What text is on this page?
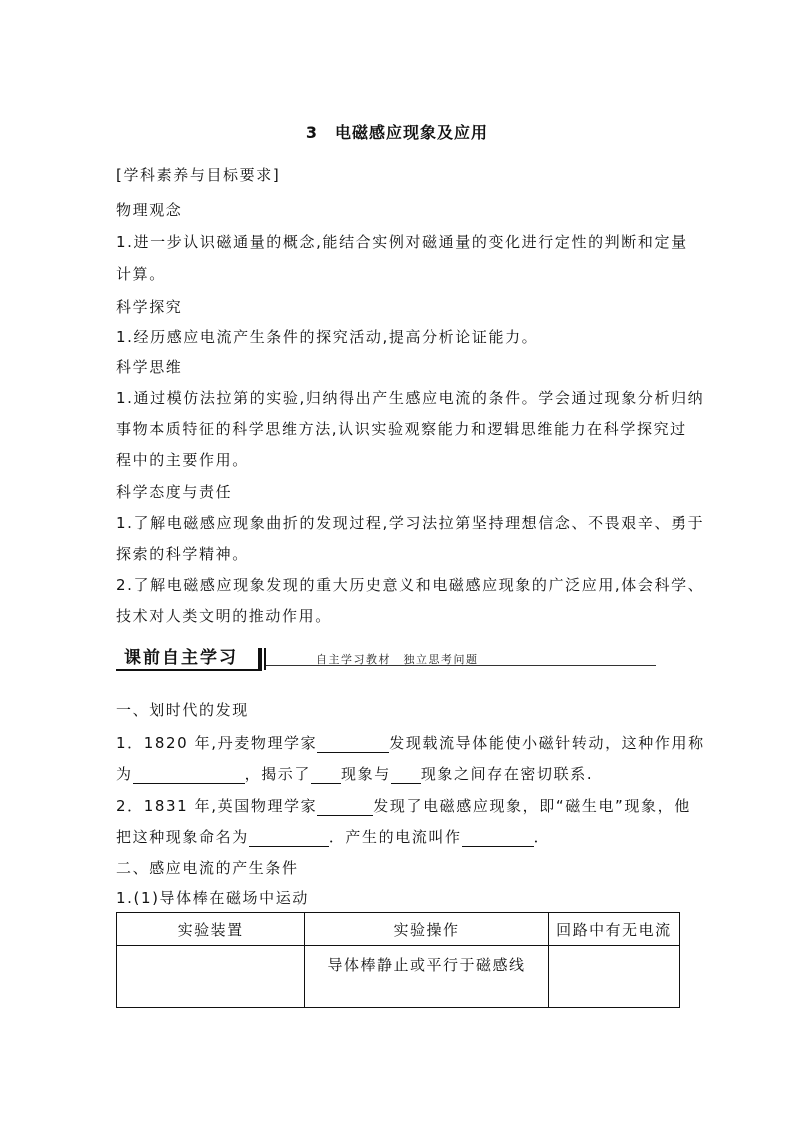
3　电磁感应现象及应用
[学科素养与目标要求]
物理观念
1.进一步认识磁通量的概念,能结合实例对磁通量的变化进行定性的判断和定量
计算。
科学探究
1.经历感应电流产生条件的探究活动,提高分析论证能力。
科学思维
1.通过模仿法拉第的实验,归纳得出产生感应电流的条件。学会通过现象分析归纳
事物本质特征的科学思维方法,认识实验观察能力和逻辑思维能力在科学探究过
程中的主要作用。
科学态度与责任
1.了解电磁感应现象曲折的发现过程,学习法拉第坚持理想信念、不畏艰辛、勇于
探索的科学精神。
2.了解电磁感应现象发现的重大历史意义和电磁感应现象的广泛应用,体会科学、
技术对人类文明的推动作用。
课前自主学习	自主学习教材　独立思考问题
一、划时代的发现
1．1820 年,丹麦物理学家	发现载流导体能使小磁针转动，这种作用称
为	，揭示了 现象与 现象之间存在密切联系.
2．1831 年,英国物理学家	发现了电磁感应现象，即“磁生电”现象，他
把这种现象命名为	．产生的电流叫作	．
二、感应电流的产生条件
1.(1)导体棒在磁场中运动
实验装置	实验操作	回路中有无电流
	导体棒静止或平行于磁感线	
